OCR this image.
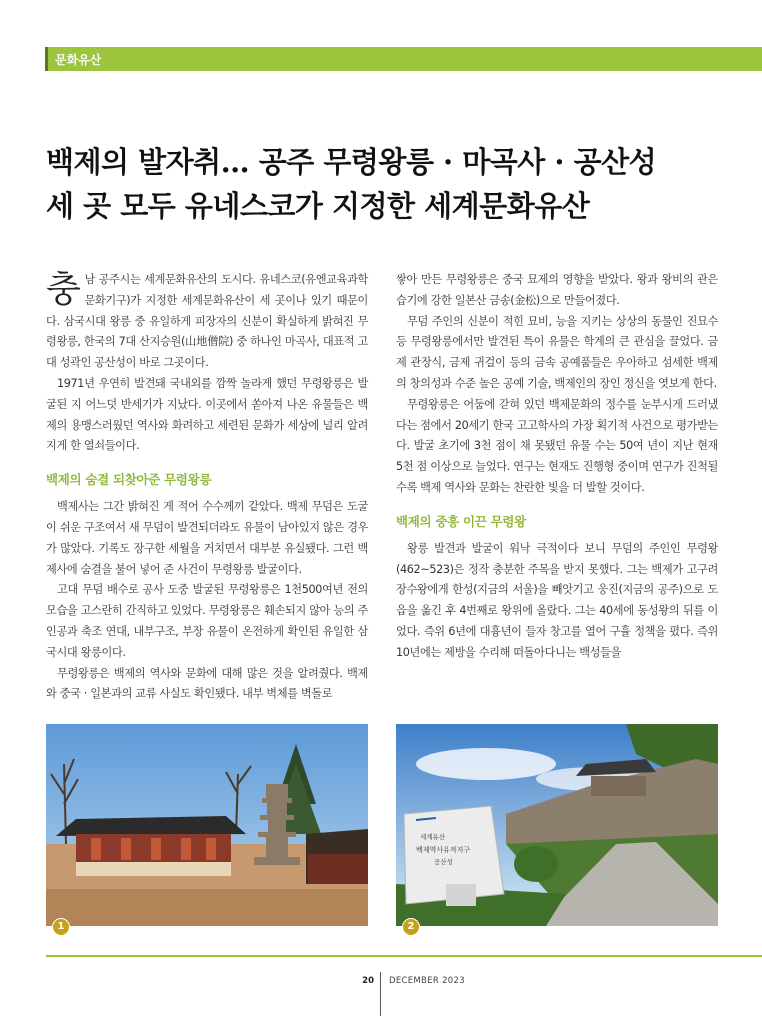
문화유산
백제의 발자취… 공주 무령왕릉 · 마곡사 · 공산성
세 곳 모두 유네스코가 지정한 세계문화유산

충남 공주시는 세계문화유산의 도시다. 유네스코(유엔교육과학문화기구)가 지정한 세계문화유산이 세 곳이나 있기 때문이다. 삼국시대 왕릉 중 유일하게 피장자의 신분이 확실하게 밝혀진 무령왕릉, 한국의 7대 산지승원(山地僧院) 중 하나인 마곡사, 대표적 고대 성곽인 공산성이 바로 그곳이다.

1971년 우연히 발견돼 국내외를 깜짝 놀라게 했던 무령왕릉은 발굴된 지 어느덧 반세기가 지났다. 이곳에서 쏟아져 나온 유물들은 백제의 용맹스러웠던 역사와 화려하고 세련된 문화가 세상에 널리 알려지게 한 열쇠들이다.

백제의 숨결 되찾아준 무령왕릉

백제사는 그간 밝혀진 게 적어 수수께끼 같았다. 백제 무덤은 도굴이 쉬운 구조여서 새 무덤이 발견되더라도 유물이 남아있지 않은 경우가 많았다. 기록도 장구한 세월을 거치면서 대부분 유실됐다. 그런 백제사에 숨결을 불어 넣어 준 사건이 무령왕릉 발굴이다.

고대 무덤 배수로 공사 도중 발굴된 무령왕릉은 1천500여년 전의 모습을 고스란히 간직하고 있었다. 무령왕릉은 훼손되지 않아 능의 주인공과 축조 연대, 내부구조, 부장 유물이 온전하게 확인된 유일한 삼국시대 왕릉이다.

무령왕릉은 백제의 역사와 문화에 대해 많은 것을 알려줬다. 백제와 중국 · 일본과의 교류 사실도 확인됐다. 내부 벽체를 벽돌로

쌓아 만든 무령왕릉은 중국 묘제의 영향을 받았다. 왕과 왕비의 관은 습기에 강한 일본산 금송(金松)으로 만들어졌다.

무덤 주인의 신분이 적힌 묘비, 능을 지키는 상상의 동물인 진묘수 등 무령왕릉에서만 발견된 특이 유물은 학계의 큰 관심을 끌었다. 금제 관장식, 금제 귀걸이 등의 금속 공예품들은 우아하고 섬세한 백제의 창의성과 수준 높은 공예 기술, 백제인의 장인 정신을 엿보게 한다.

무령왕릉은 어둠에 갇혀 있던 백제문화의 정수를 눈부시게 드러냈다는 점에서 20세기 한국 고고학사의 가장 획기적 사건으로 평가받는다. 발굴 초기에 3천 점이 채 못됐던 유물 수는 50여 년이 지난 현재 5천 점 이상으로 늘었다. 연구는 현재도 진행형 중이며 연구가 진척될수록 백제 역사와 문화는 찬란한 빛을 더 발할 것이다.

백제의 중흥 이끈 무령왕

왕릉 발견과 발굴이 워낙 극적이다 보니 무덤의 주인인 무령왕(462~523)은 정작 충분한 주목을 받지 못했다. 그는 백제가 고구려 장수왕에게 한성(지금의 서울)을 빼앗기고 웅진(지금의 공주)으로 도읍을 옮긴 후 4번째로 왕위에 올랐다. 그는 40세에 동성왕의 뒤를 이었다. 즉위 6년에 대흉년이 들자 창고를 열어 구휼 정책을 폈다. 즉위 10년에는 제방을 수리해 떠돌아다니는 백성들을

세계유산
백제역사유적지구
공산성
1	2
20 DECEMBER 2023
